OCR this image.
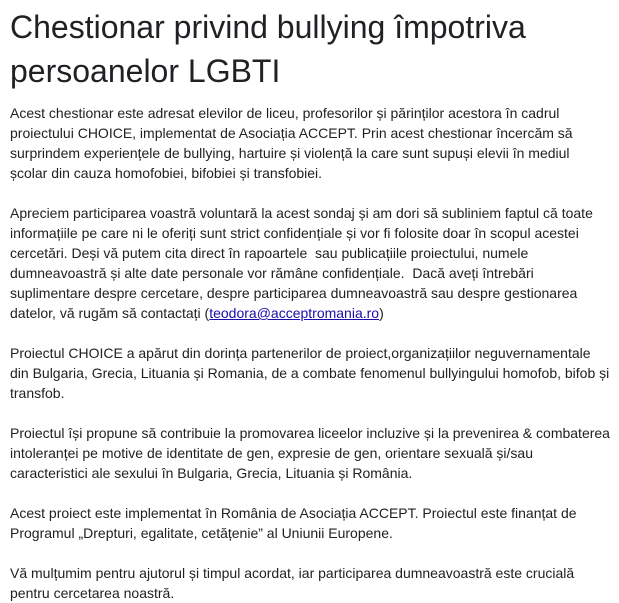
Chestionar privind bullying împotriva persoanelor LGBTI

Acest chestionar este adresat elevilor de liceu, profesorilor și părinților acestora în cadrul proiectului CHOICE, implementat de Asociația ACCEPT. Prin acest chestionar încercăm să surprindem experiențele de bullying, hartuire și violență la care sunt supuși elevii în mediul școlar din cauza homofobiei, bifobiei și transfobiei.

Apreciem participarea voastră voluntară la acest sondaj și am dori să subliniem faptul că toate informațiile pe care ni le oferiți sunt strict confidențiale și vor fi folosite doar în scopul acestei cercetări. Deși vă putem cita direct în rapoartele  sau publicațiile proiectului, numele dumneavoastră și alte date personale vor rămâne confidențiale.  Dacă aveți întrebări suplimentare despre cercetare, despre participarea dumneavoastră sau despre gestionarea datelor, vă rugăm să contactați (teodora@acceptromania.ro)

Proiectul CHOICE a apărut din dorința partenerilor de proiect,organizațiilor neguvernamentale din Bulgaria, Grecia, Lituania și Romania, de a combate fenomenul bullyingului homofob, bifob și transfob.

Proiectul își propune să contribuie la promovarea liceelor incluzive și la prevenirea & combaterea intoleranței pe motive de identitate de gen, expresie de gen, orientare sexuală și/sau caracteristici ale sexului în Bulgaria, Grecia, Lituania și România.

Acest proiect este implementat în România de Asociația ACCEPT. Proiectul este finanțat de Programul „Drepturi, egalitate, cetățenie” al Uniunii Europene.

Vă mulțumim pentru ajutorul și timpul acordat, iar participarea dumneavoastră este crucială pentru cercetarea noastră.
